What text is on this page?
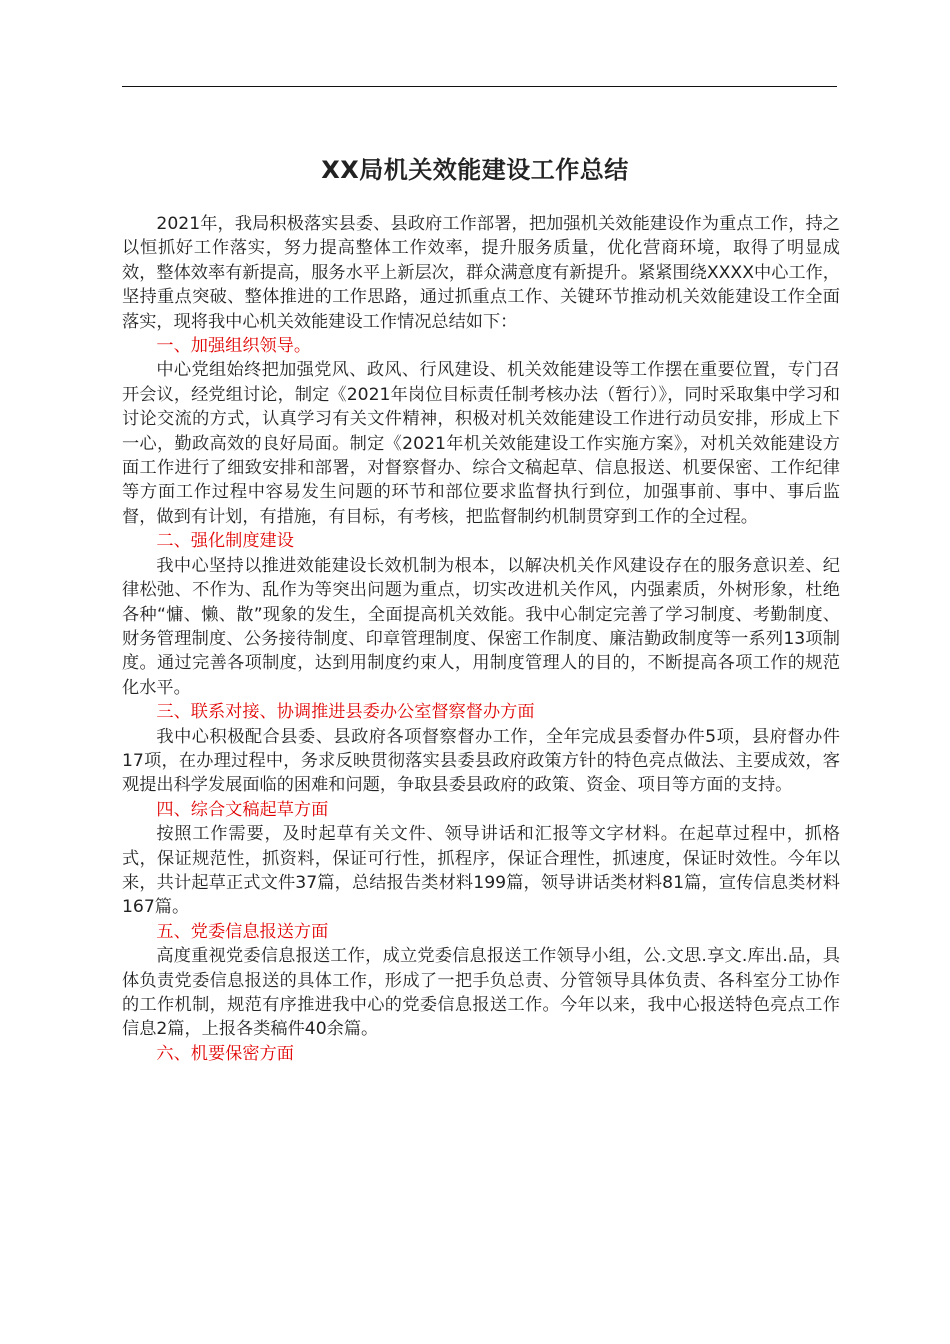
XX局机关效能建设工作总结

2021年，我局积极落实县委、县政府工作部署，把加强机关效能建设作为重点工作，持之以恒抓好工作落实，努力提高整体工作效率，提升服务质量，优化营商环境，取得了明显成效，整体效率有新提高，服务水平上新层次，群众满意度有新提升。紧紧围绕XXXX中心工作，坚持重点突破、整体推进的工作思路，通过抓重点工作、关键环节推动机关效能建设工作全面落实，现将我中心机关效能建设工作情况总结如下：

一、加强组织领导。

中心党组始终把加强党风、政风、行风建设、机关效能建设等工作摆在重要位置，专门召开会议，经党组讨论，制定《2021年岗位目标责任制考核办法（暂行）》，同时采取集中学习和讨论交流的方式，认真学习有关文件精神，积极对机关效能建设工作进行动员安排，形成上下一心，勤政高效的良好局面。制定《2021年机关效能建设工作实施方案》，对机关效能建设方面工作进行了细致安排和部署，对督察督办、综合文稿起草、信息报送、机要保密、工作纪律等方面工作过程中容易发生问题的环节和部位要求监督执行到位，加强事前、事中、事后监督，做到有计划，有措施，有目标，有考核，把监督制约机制贯穿到工作的全过程。

二、强化制度建设

我中心坚持以推进效能建设长效机制为根本，以解决机关作风建设存在的服务意识差、纪律松弛、不作为、乱作为等突出问题为重点，切实改进机关作风，内强素质，外树形象，杜绝各种“慵、懒、散”现象的发生，全面提高机关效能。我中心制定完善了学习制度、考勤制度、财务管理制度、公务接待制度、印章管理制度、保密工作制度、廉洁勤政制度等一系列13项制度。通过完善各项制度，达到用制度约束人，用制度管理人的目的，不断提高各项工作的规范化水平。

三、联系对接、协调推进县委办公室督察督办方面

我中心积极配合县委、县政府各项督察督办工作，全年完成县委督办件5项，县府督办件17项，在办理过程中，务求反映贯彻落实县委县政府政策方针的特色亮点做法、主要成效，客观提出科学发展面临的困难和问题，争取县委县政府的政策、资金、项目等方面的支持。

四、综合文稿起草方面

按照工作需要，及时起草有关文件、领导讲话和汇报等文字材料。在起草过程中，抓格式，保证规范性，抓资料，保证可行性，抓程序，保证合理性，抓速度，保证时效性。今年以来，共计起草正式文件37篇，总结报告类材料199篇，领导讲话类材料81篇，宣传信息类材料167篇。

五、党委信息报送方面

高度重视党委信息报送工作，成立党委信息报送工作领导小组，公.文思.享文.库出.品，具体负责党委信息报送的具体工作，形成了一把手负总责、分管领导具体负责、各科室分工协作的工作机制，规范有序推进我中心的党委信息报送工作。今年以来，我中心报送特色亮点工作信息2篇，上报各类稿件40余篇。

六、机要保密方面
